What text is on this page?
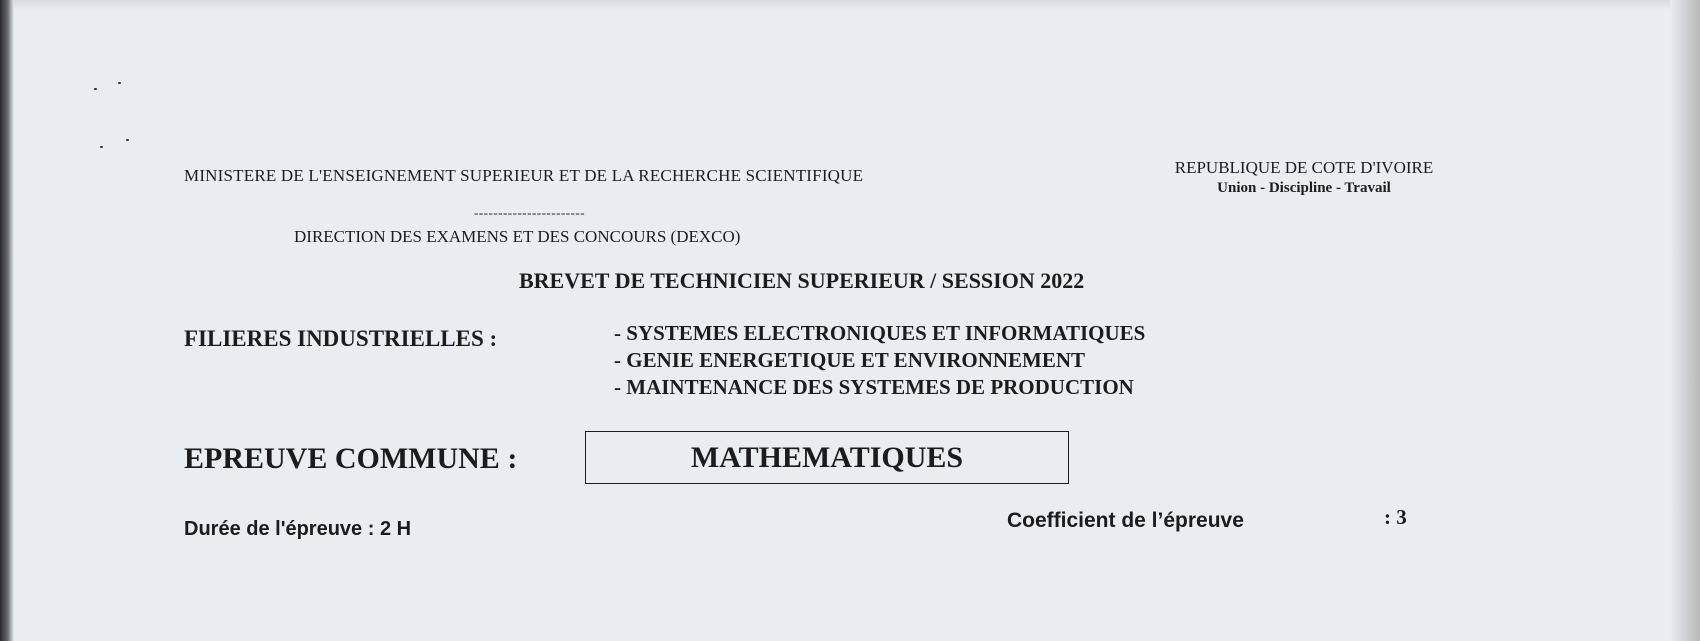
MINISTERE DE L'ENSEIGNEMENT SUPERIEUR ET DE LA RECHERCHE SCIENTIFIQUE	REPUBLIQUE DE COTE D'IVOIRE
Union - Discipline - Travail
-----------------------
DIRECTION DES EXAMENS ET DES CONCOURS (DEXCO)
BREVET DE TECHNICIEN SUPERIEUR / SESSION 2022
FILIERES INDUSTRIELLES :	- SYSTEMES ELECTRONIQUES ET INFORMATIQUES
- GENIE ENERGETIQUE ET ENVIRONNEMENT
- MAINTENANCE DES SYSTEMES DE PRODUCTION
EPREUVE COMMUNE :	MATHEMATIQUES
Durée de l'épreuve : 2 H	Coefficient de l’épreuve	: 3
